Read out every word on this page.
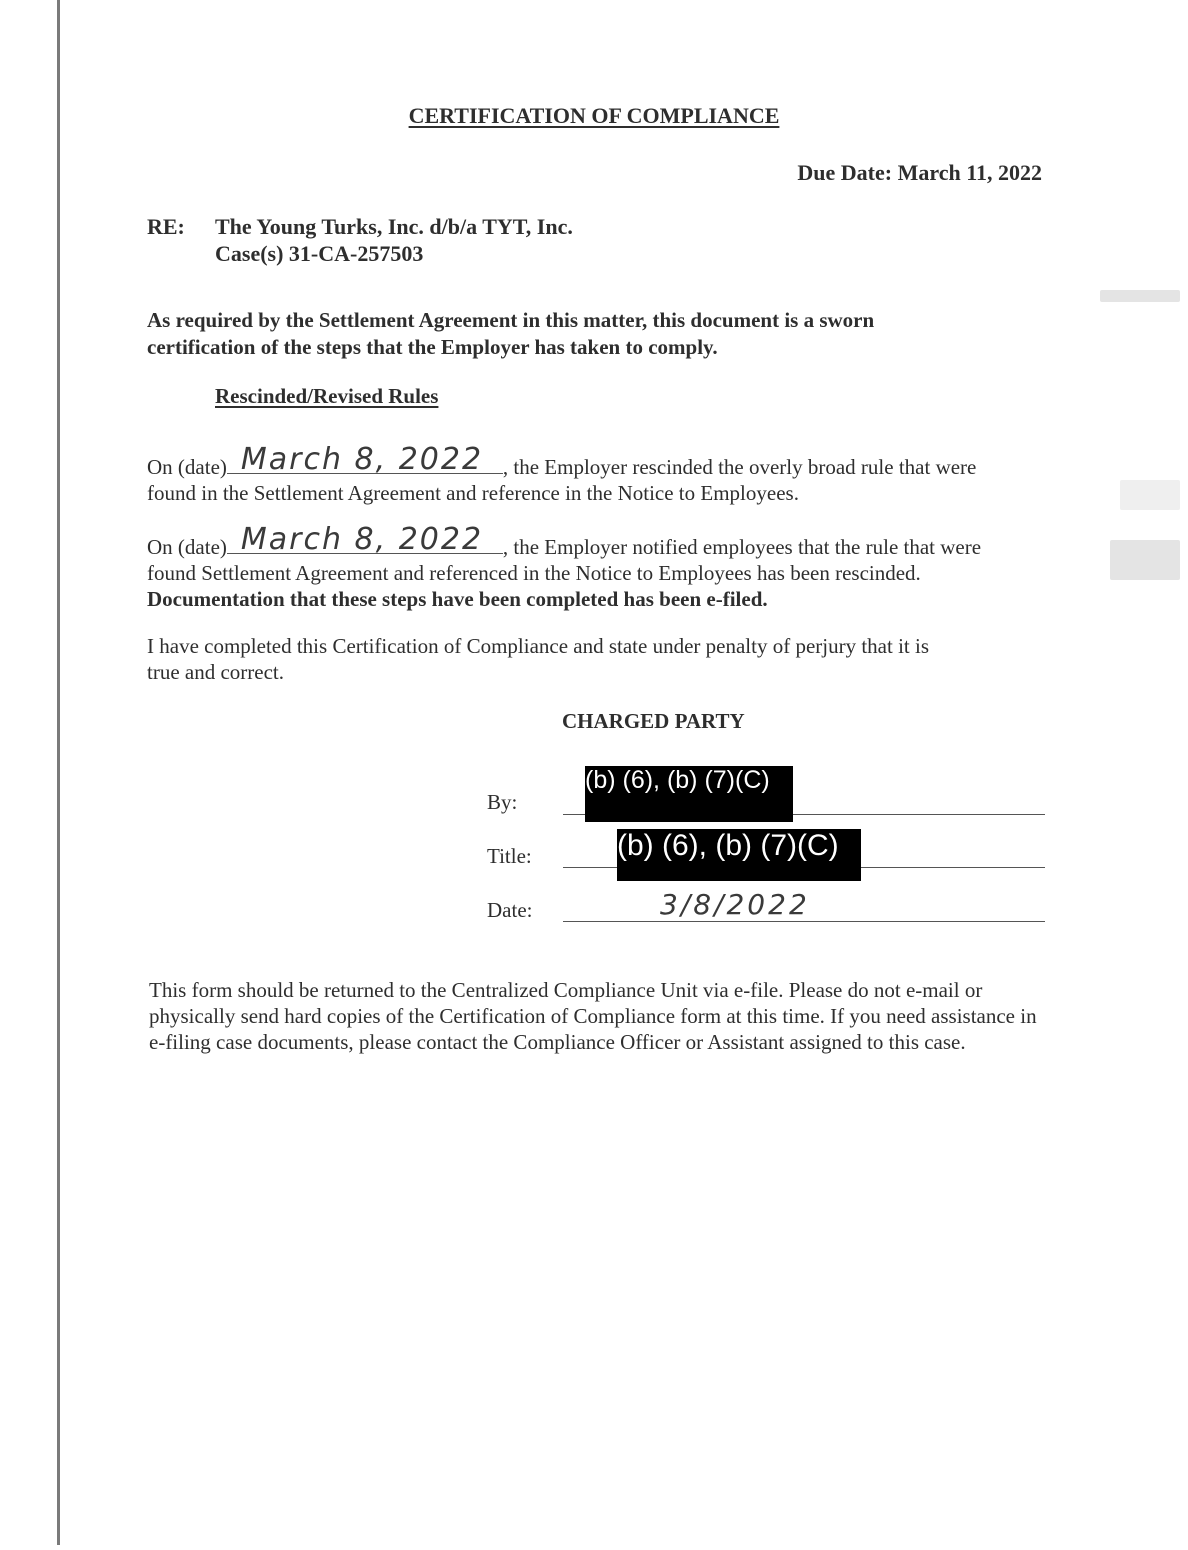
CERTIFICATION OF COMPLIANCE
Due Date: March 11, 2022
RE: The Young Turks, Inc. d/b/a TYT, Inc.
Case(s) 31-CA-257503
As required by the Settlement Agreement in this matter, this document is a sworn
certification of the steps that the Employer has taken to comply.
Rescinded/Revised Rules
On (date) March 8, 2022 , the Employer rescinded the overly broad rule that were
found in the Settlement Agreement and reference in the Notice to Employees.
On (date) March 8, 2022 , the Employer notified employees that the rule that were
found Settlement Agreement and referenced in the Notice to Employees has been rescinded.
Documentation that these steps have been completed has been e-filed.
I have completed this Certification of Compliance and state under penalty of perjury that it is
true and correct.
CHARGED PARTY
By:
(b) (6), (b) (7)(C)
Title:	(b) (6), (b) (7)(C)
Date:	3/8/2022
This form should be returned to the Centralized Compliance Unit via e-file. Please do not e-mail or physically send hard copies of the Certification of Compliance form at this time. If you need assistance in e-filing case documents, please contact the Compliance Officer or Assistant assigned to this case.
